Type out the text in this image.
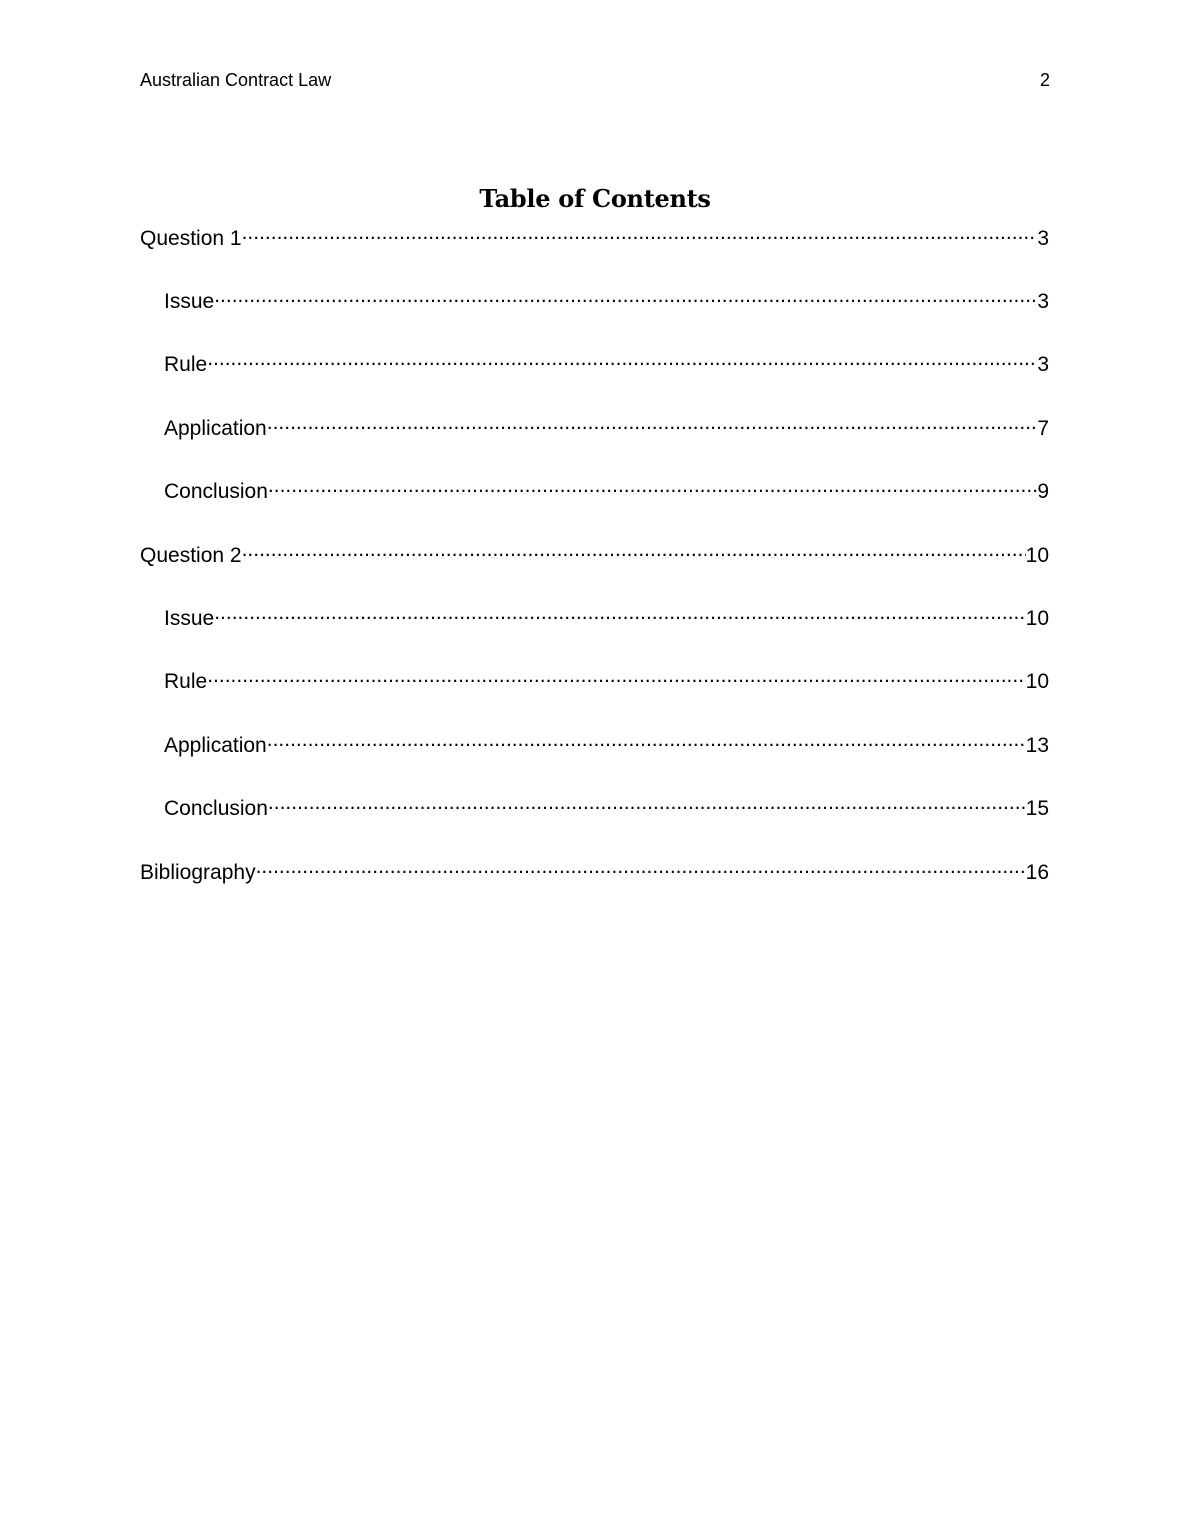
Australian Contract Law	2
Table of Contents
Question 1 .....	3
Issue .....	3
Rule .....	3
Application .....	7
Conclusion .....	9
Question 2 .....	10
Issue .....	10
Rule .....	10
Application .....	13
Conclusion .....	15
Bibliography .....	16
